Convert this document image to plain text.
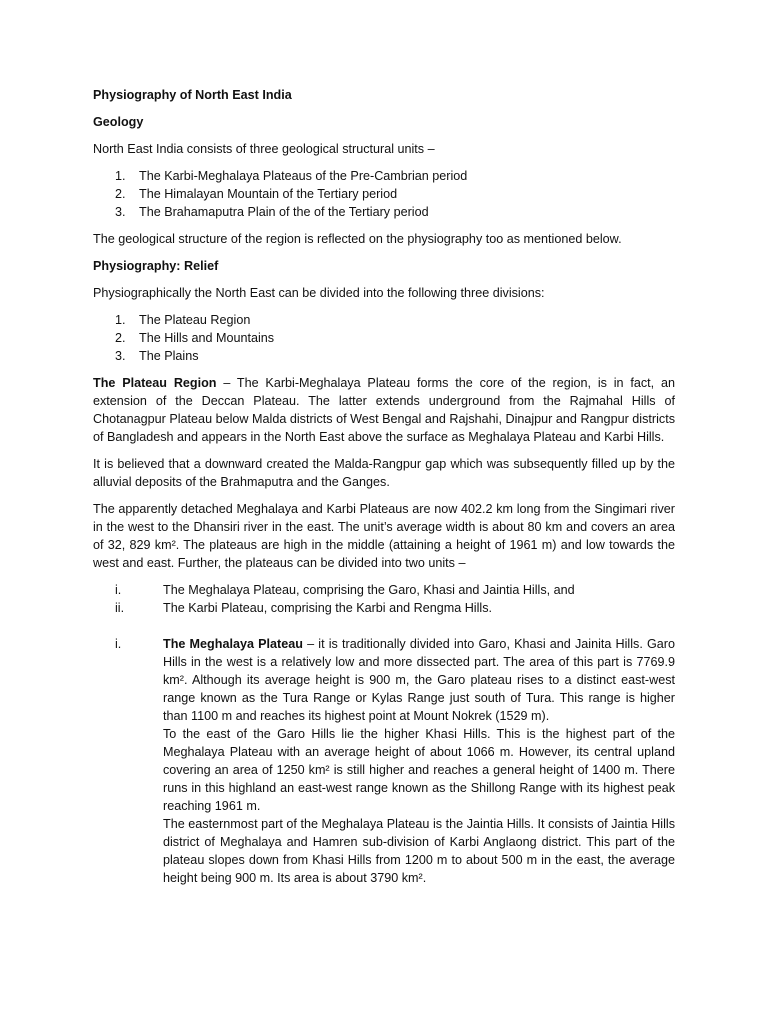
Physiography of North East India

Geology

North East India consists of three geological structural units –

1. The Karbi-Meghalaya Plateaus of the Pre-Cambrian period
2. The Himalayan Mountain of the Tertiary period
3. The Brahamaputra Plain of the of the Tertiary period

The geological structure of the region is reflected on the physiography too as mentioned below.

Physiography: Relief

Physiographically the North East can be divided into the following three divisions:

1. The Plateau Region
2. The Hills and Mountains
3. The Plains

The Plateau Region – The Karbi-Meghalaya Plateau forms the core of the region, is in fact, an extension of the Deccan Plateau. The latter extends underground from the Rajmahal Hills of Chotanagpur Plateau below Malda districts of West Bengal and Rajshahi, Dinajpur and Rangpur districts of Bangladesh and appears in the North East above the surface as Meghalaya Plateau and Karbi Hills.

It is believed that a downward created the Malda-Rangpur gap which was subsequently filled up by the alluvial deposits of the Brahmaputra and the Ganges.

The apparently detached Meghalaya and Karbi Plateaus are now 402.2 km long from the Singimari river in the west to the Dhansiri river in the east. The unit’s average width is about 80 km and covers an area of 32, 829 km². The plateaus are high in the middle (attaining a height of 1961 m) and low towards the west and east. Further, the plateaus can be divided into two units –

i.	The Meghalaya Plateau, comprising the Garo, Khasi and Jaintia Hills, and
ii.	The Karbi Plateau, comprising the Karbi and Rengma Hills.
i.	The Meghalaya Plateau – it is traditionally divided into Garo, Khasi and Jainita Hills. Garo Hills in the west is a relatively low and more dissected part. The area of this part is 7769.9 km². Although its average height is 900 m, the Garo plateau rises to a distinct east-west range known as the Tura Range or Kylas Range just south of Tura. This range is higher than 1100 m and reaches its highest point at Mount Nokrek (1529 m).

To the east of the Garo Hills lie the higher Khasi Hills. This is the highest part of the Meghalaya Plateau with an average height of about 1066 m. However, its central upland covering an area of 1250 km² is still higher and reaches a general height of 1400 m. There runs in this highland an east-west range known as the Shillong Range with its highest peak reaching 1961 m.

The easternmost part of the Meghalaya Plateau is the Jaintia Hills. It consists of Jaintia Hills district of Meghalaya and Hamren sub-division of Karbi Anglaong district. This part of the plateau slopes down from Khasi Hills from 1200 m to about 500 m in the east, the average height being 900 m. Its area is about 3790 km².
